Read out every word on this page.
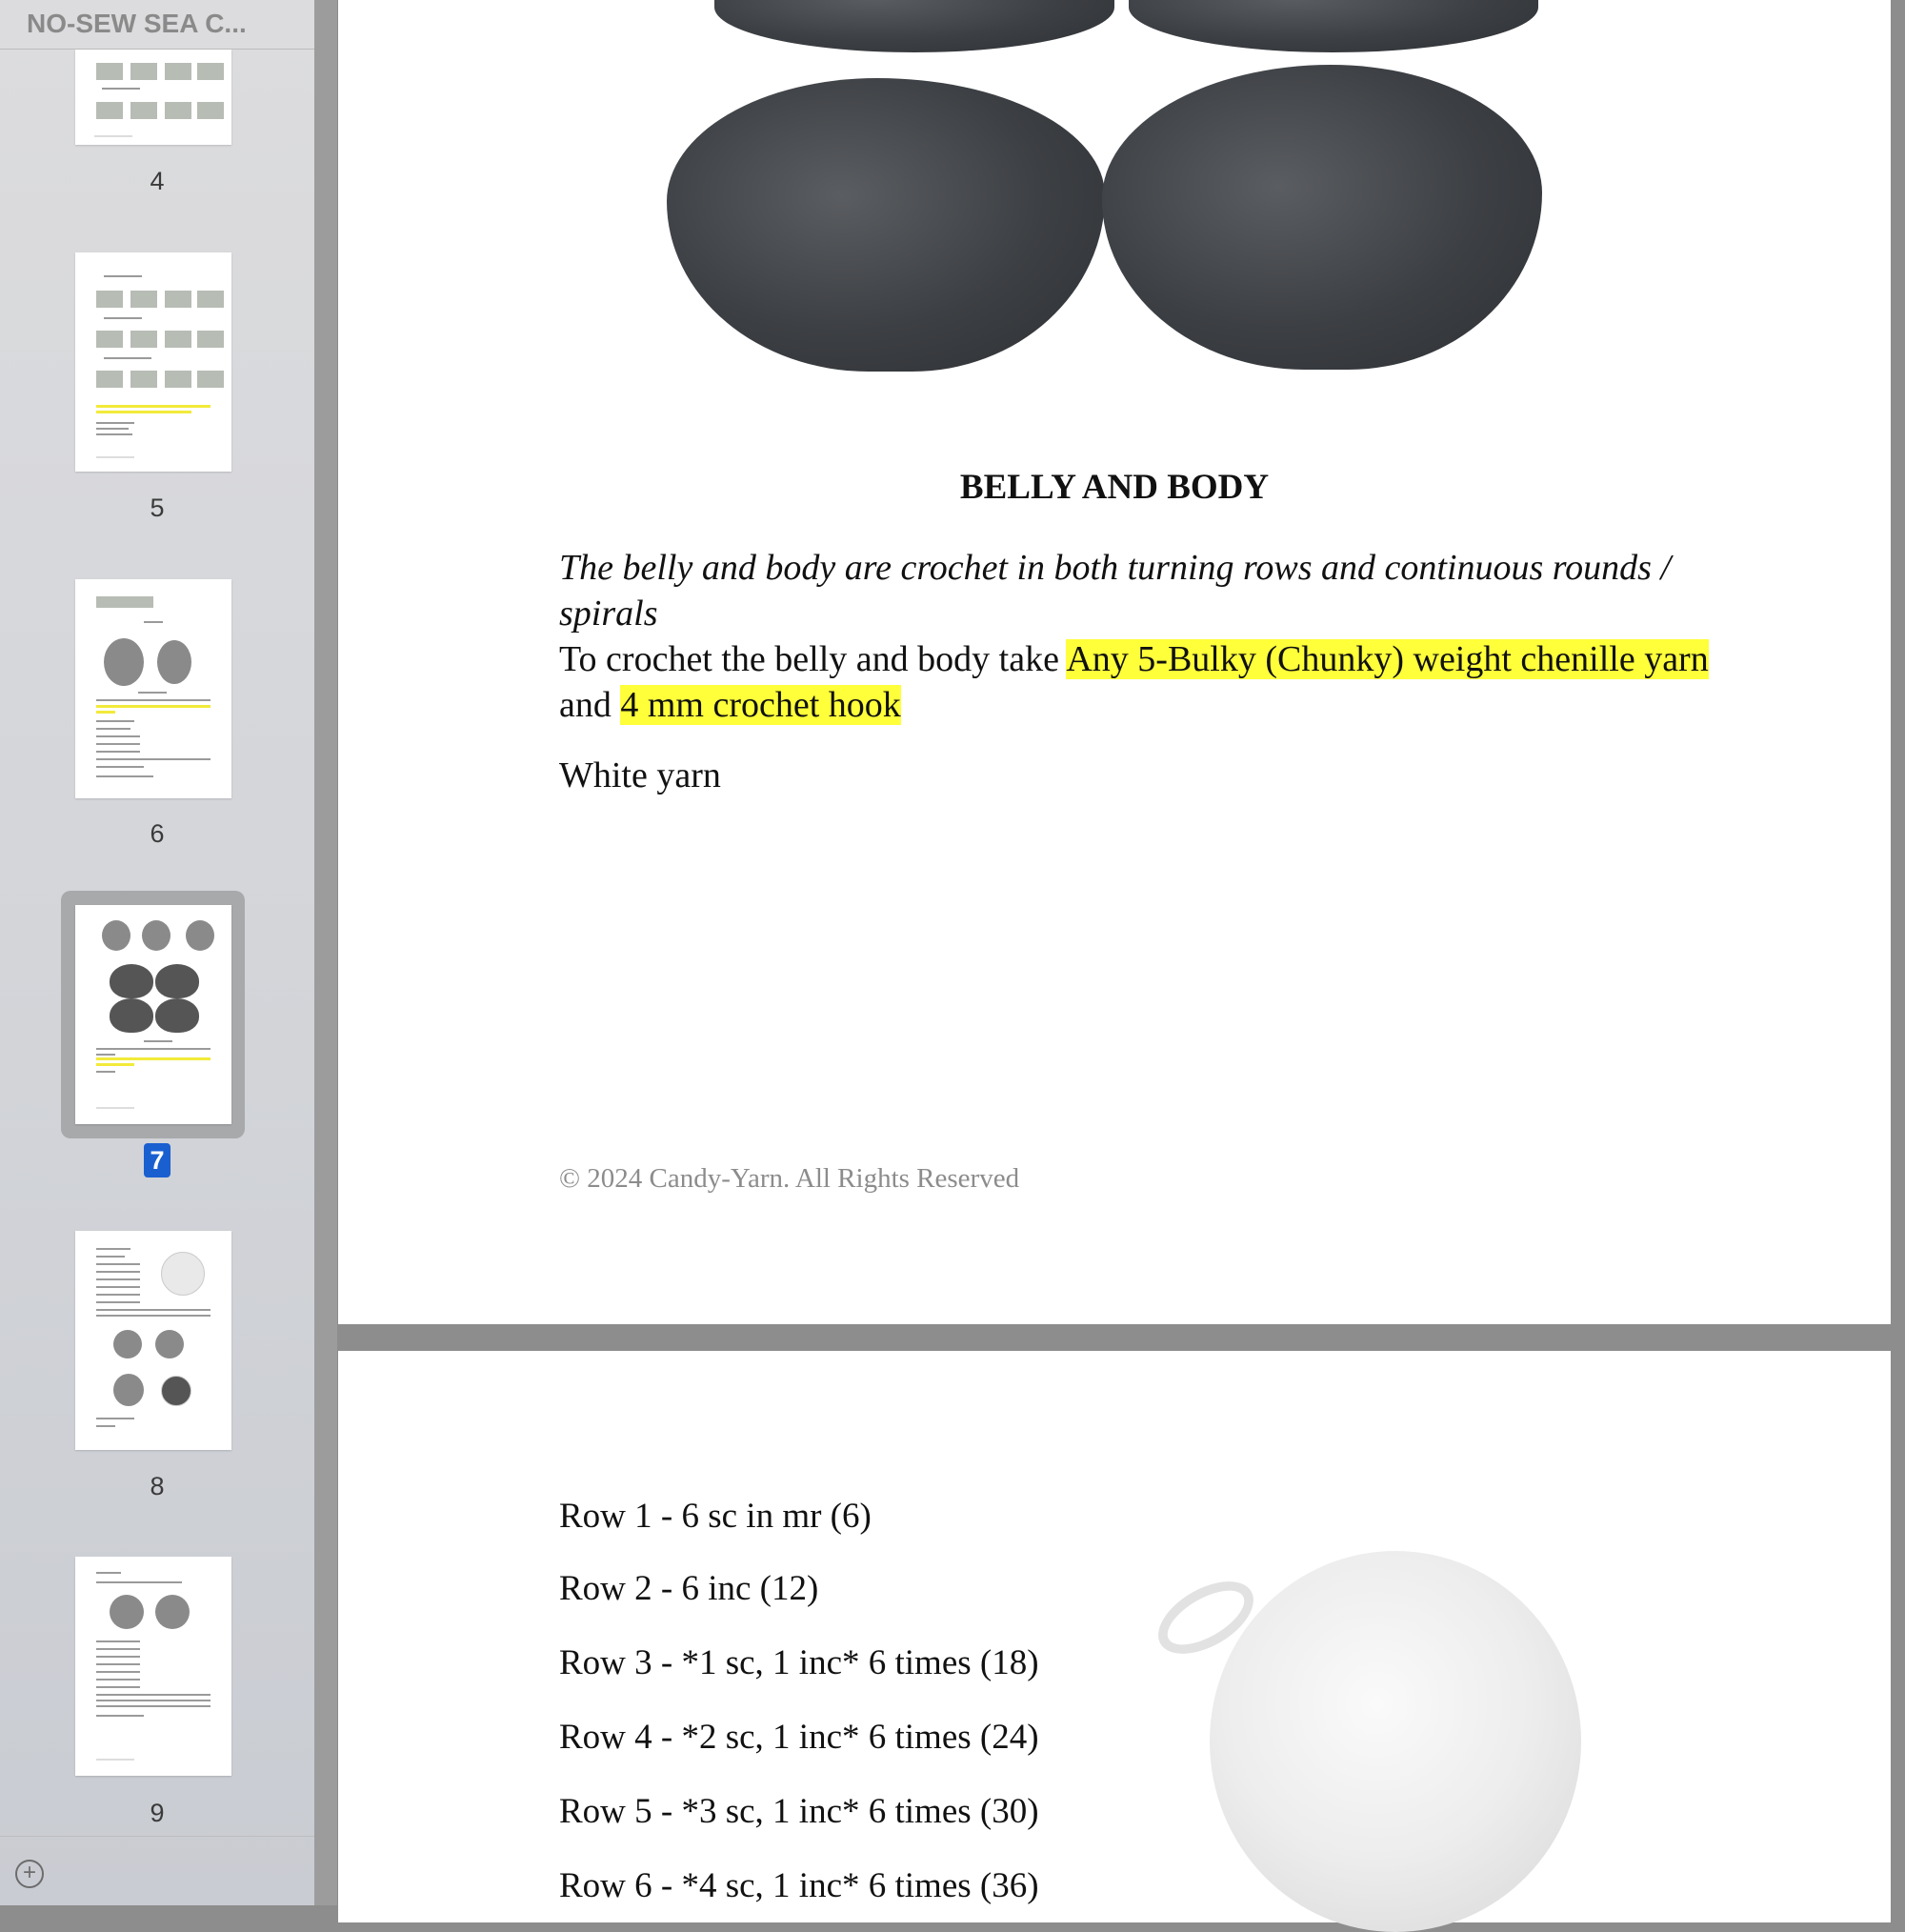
NO-SEW SEA C...
4
5
6
7
8
9
+
BELLY AND BODY
The belly and body are crochet in both turning rows and continuous rounds / spirals
To crochet the belly and body take Any 5-Bulky (Chunky) weight chenille yarn
and 4 mm crochet hook
White yarn
© 2024 Candy-Yarn. All Rights Reserved
Row 1 - 6 sc in mr (6)
Row 2 - 6 inc (12)
Row 3 - *1 sc, 1 inc* 6 times (18)
Row 4 - *2 sc, 1 inc* 6 times (24)
Row 5 - *3 sc, 1 inc* 6 times (30)
Row 6 - *4 sc, 1 inc* 6 times (36)
